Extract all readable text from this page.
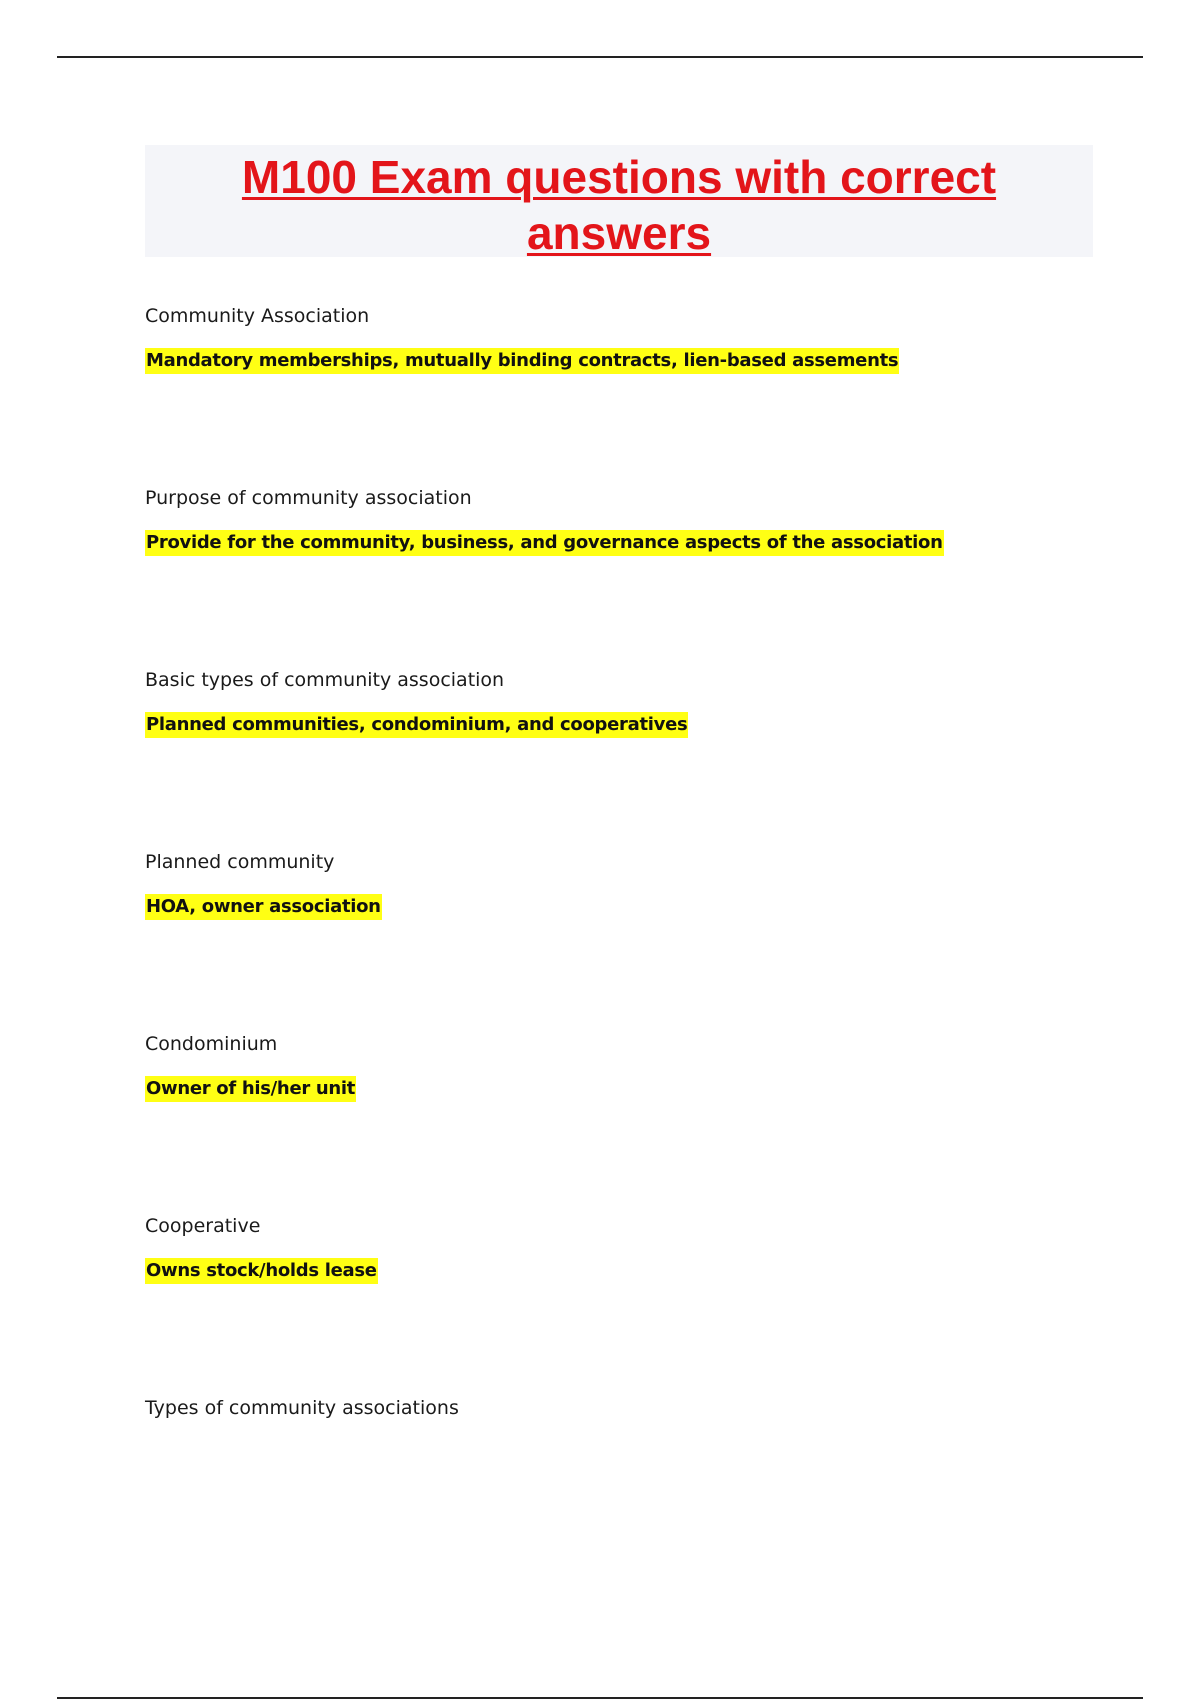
M100 Exam questions with correct answers
Community Association
Mandatory memberships, mutually binding contracts, lien-based assements
Purpose of community association
Provide for the community, business, and governance aspects of the association
Basic types of community association
Planned communities, condominium, and cooperatives
Planned community
HOA, owner association
Condominium
Owner of his/her unit
Cooperative
Owns stock/holds lease
Types of community associations
